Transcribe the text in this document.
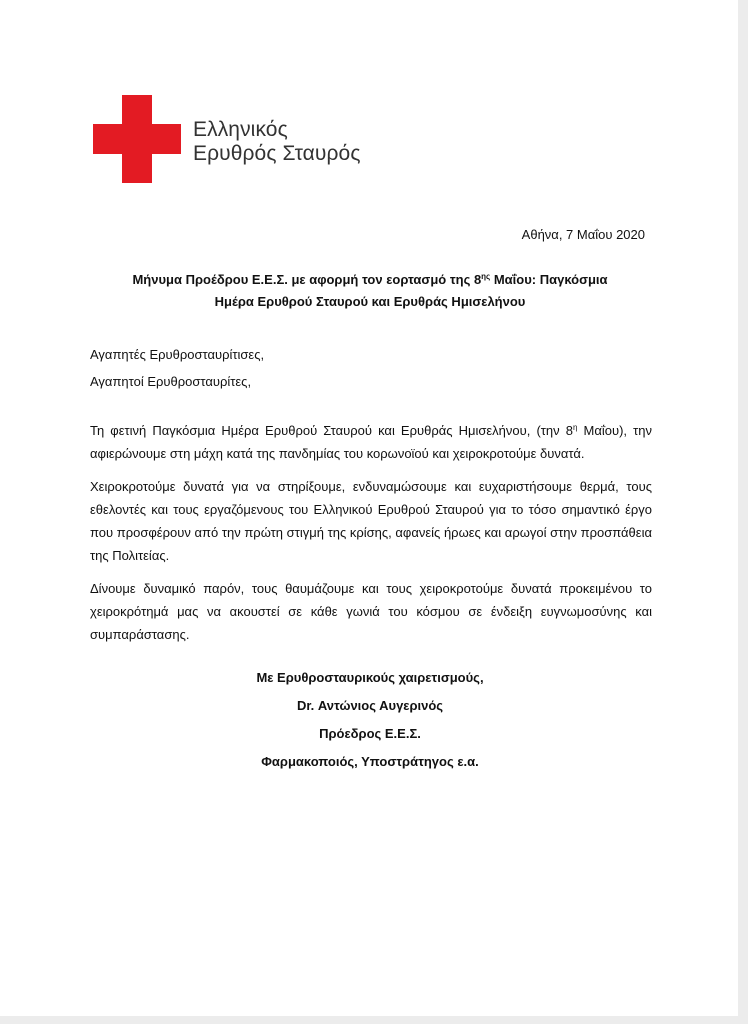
Ελληνικός
Ερυθρός Σταυρός
Αθήνα, 7 Μαΐου 2020
Μήνυμα Προέδρου Ε.Ε.Σ. με αφορμή τον εορτασμό της $8^{\eta\varsigma}$ Μαΐου: Παγκόσμια
Ημέρα Ερυθρού Σταυρού και Ερυθράς Ημισελήνου
Αγαπητές Ερυθροσταυρίτισες,
Αγαπητοί Ερυθροσταυρίτες,

Τη φετινή Παγκόσμια Ημέρα Ερυθρού Σταυρού και Ερυθράς Ημισελήνου, (την $8^\eta$ Μαΐου), την αφιερώνουμε στη μάχη κατά της πανδημίας του κορωνοϊού και χειροκροτούμε δυνατά.

Χειροκροτούμε δυνατά για να στηρίξουμε, ενδυναμώσουμε και ευχαριστήσουμε θερμά, τους εθελοντές και τους εργαζόμενους του Ελληνικού Ερυθρού Σταυρού για το τόσο σημαντικό έργο που προσφέρουν από την πρώτη στιγμή της κρίσης, αφανείς ήρωες και αρωγοί στην προσπάθεια της Πολιτείας.

Δίνουμε δυναμικό παρόν, τους θαυμάζουμε και τους χειροκροτούμε δυνατά προκειμένου το χειροκρότημά μας να ακουστεί σε κάθε γωνιά του κόσμου σε ένδειξη ευγνωμοσύνης και συμπαράστασης.

Με Ερυθροσταυρικούς χαιρετισμούς,
Dr. Αντώνιος Αυγερινός
Πρόεδρος Ε.Ε.Σ.
Φαρμακοποιός, Υποστράτηγος ε.α.
